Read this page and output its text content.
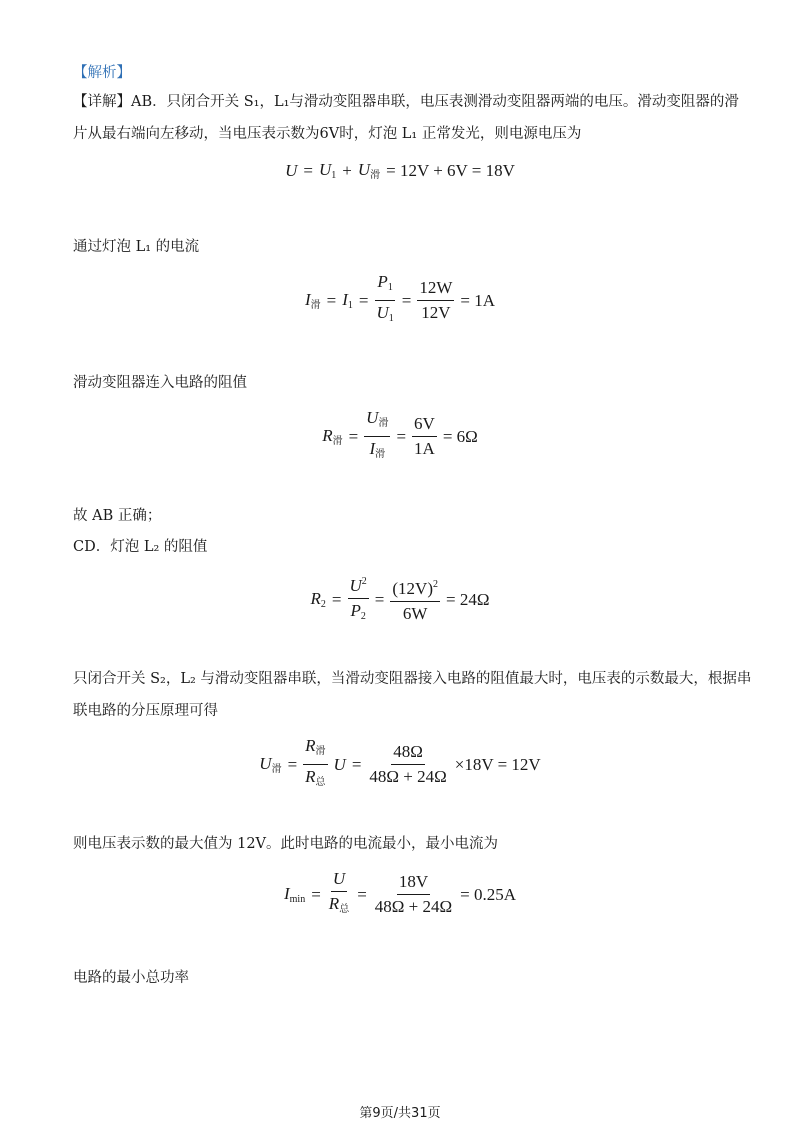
【解析】
【详解】AB．只闭合开关 S₁，L₁与滑动变阻器串联，电压表测滑动变阻器两端的电压。滑动变阻器的滑
片从最右端向左移动，当电压表示数为6V时，灯泡 L₁ 正常发光，则电源电压为
$U = U_1 + U_滑 = 12V + 6V = 18V$
通过灯泡 L₁ 的电流
$I_滑 = I_1 = \frac{P_1}{U_1} = \frac{12W}{12V} = 1A$
滑动变阻器连入电路的阻值
$R_滑 = \frac{U_滑}{I_滑} = \frac{6V}{1A} = 6\Omega$
故 AB 正确；
CD．灯泡 L₂ 的阻值
$R_2 = \frac{U^2}{P_2} = \frac{(12V)^2}{6W} = 24\Omega$
只闭合开关 S₂，L₂ 与滑动变阻器串联，当滑动变阻器接入电路的阻值最大时，电压表的示数最大，根据串
联电路的分压原理可得
$U_滑 = \frac{R_滑}{R_总}$ $U = \frac{48\Omega}{48\Omega + 24\Omega} \times 18V = 12V$
则电压表示数的最大值为 12V。此时电路的电流最小，最小电流为
$I_{min} = \frac{U}{R_总} = \frac{18V}{48\Omega + 24\Omega} = 0.25A$
电路的最小总功率
第9页/共31页
